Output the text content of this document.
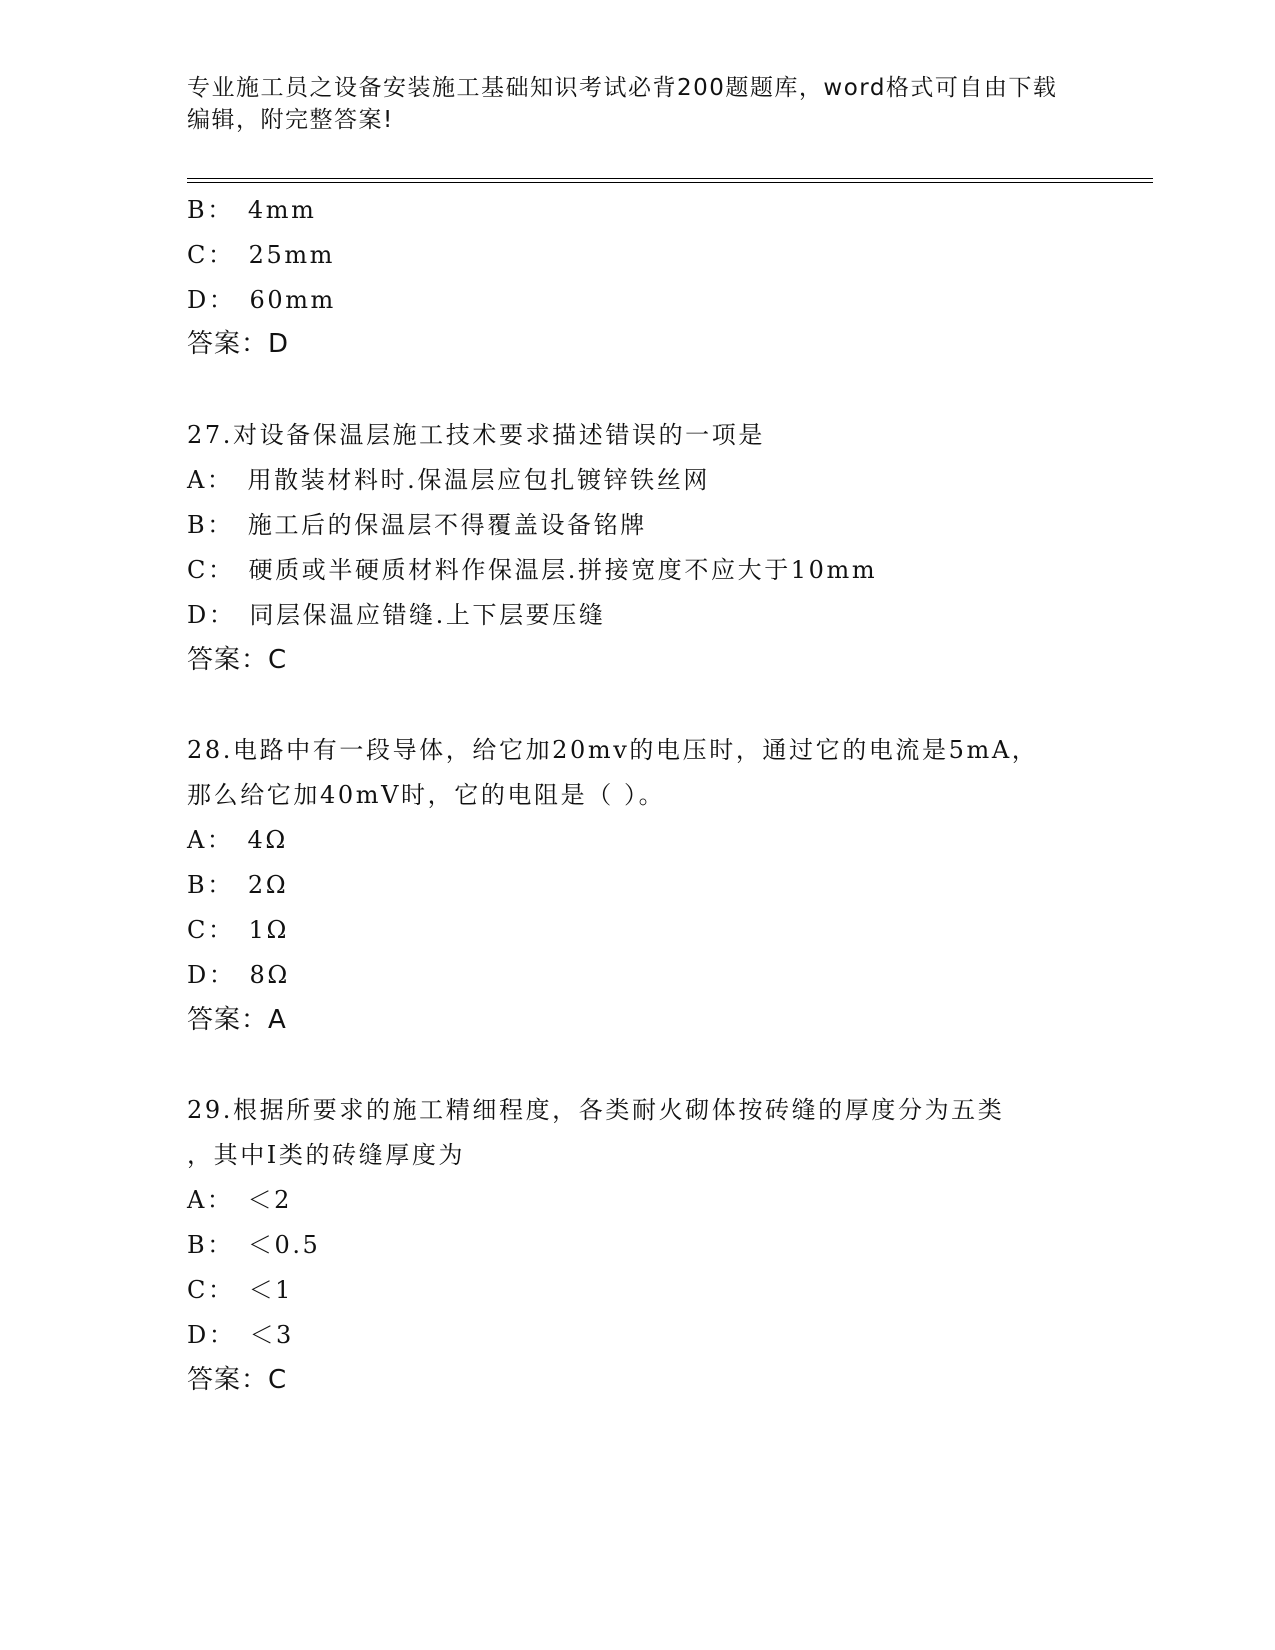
专业施工员之设备安装施工基础知识考试必背200题题库，word格式可自由下载
编辑，附完整答案!
B： 4mm
C： 25mm
D： 60mm
答案：D
27.对设备保温层施工技术要求描述错误的一项是
A： 用散装材料时.保温层应包扎镀锌铁丝网
B： 施工后的保温层不得覆盖设备铭牌
C： 硬质或半硬质材料作保温层.拼接宽度不应大于10mm
D： 同层保温应错缝.上下层要压缝
答案：C
28.电路中有一段导体，给它加20mv的电压时，通过它的电流是5mA，
那么给它加40mV时，它的电阻是（ ）。
A： 4Ω
B： 2Ω
C： 1Ω
D： 8Ω
答案：A
29.根据所要求的施工精细程度，各类耐火砌体按砖缝的厚度分为五类
，其中I类的砖缝厚度为
A： ＜2
B： ＜0.5
C： ＜1
D： ＜3
答案：C
